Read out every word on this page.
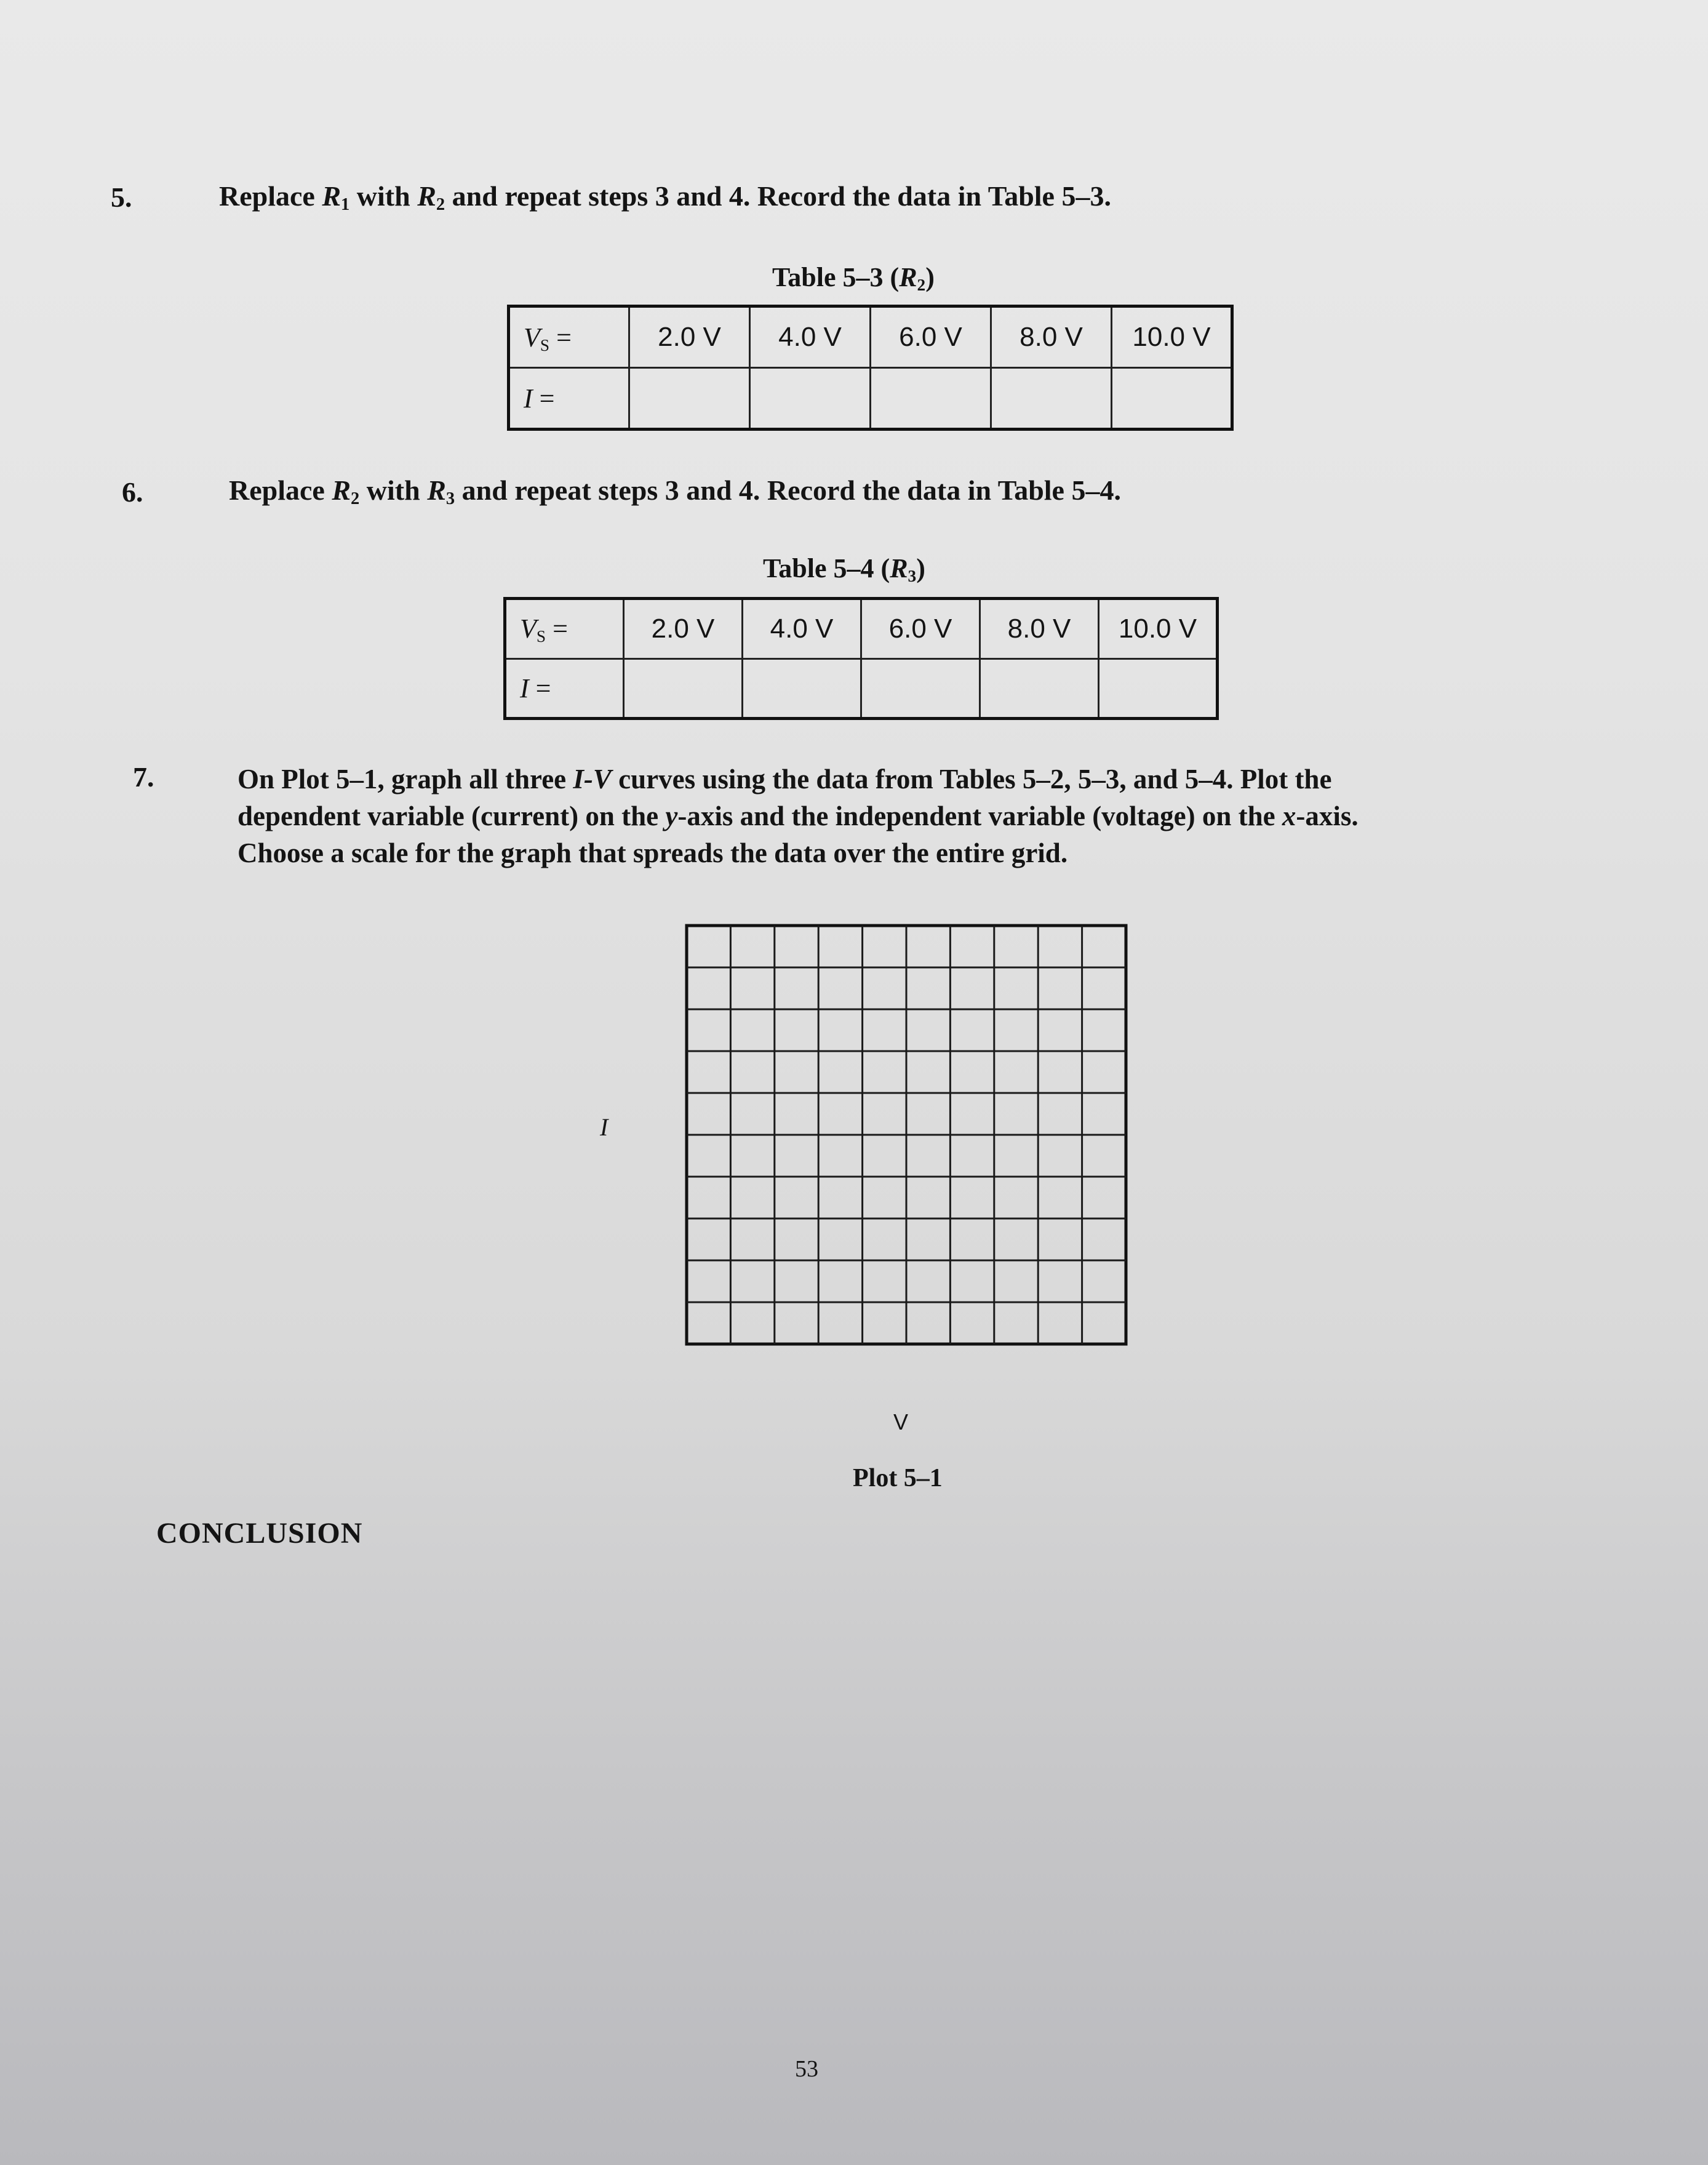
5.	Replace $R_1$ with $R_2$ and repeat steps 3 and 4. Record the data in Table 5–3.
Table 5–3 $(R_2)$
$V_S$ =	2.0 V	4.0 V	6.0 V	8.0 V	10.0 V
I =					
6.	Replace $R_2$ with $R_3$ and repeat steps 3 and 4. Record the data in Table 5–4.
Table 5–4 $(R_3)$
$V_S$ =	2.0 V	4.0 V	6.0 V	8.0 V	10.0 V
I =					
7.	On Plot 5–1, graph all three I-V curves using the data from Tables 5–2, 5–3, and 5–4. Plot the
dependent variable (current) on the y-axis and the independent variable (voltage) on the x-axis.
Choose a scale for the graph that spreads the data over the entire grid.
I
V
Plot 5–1
CONCLUSION
53
